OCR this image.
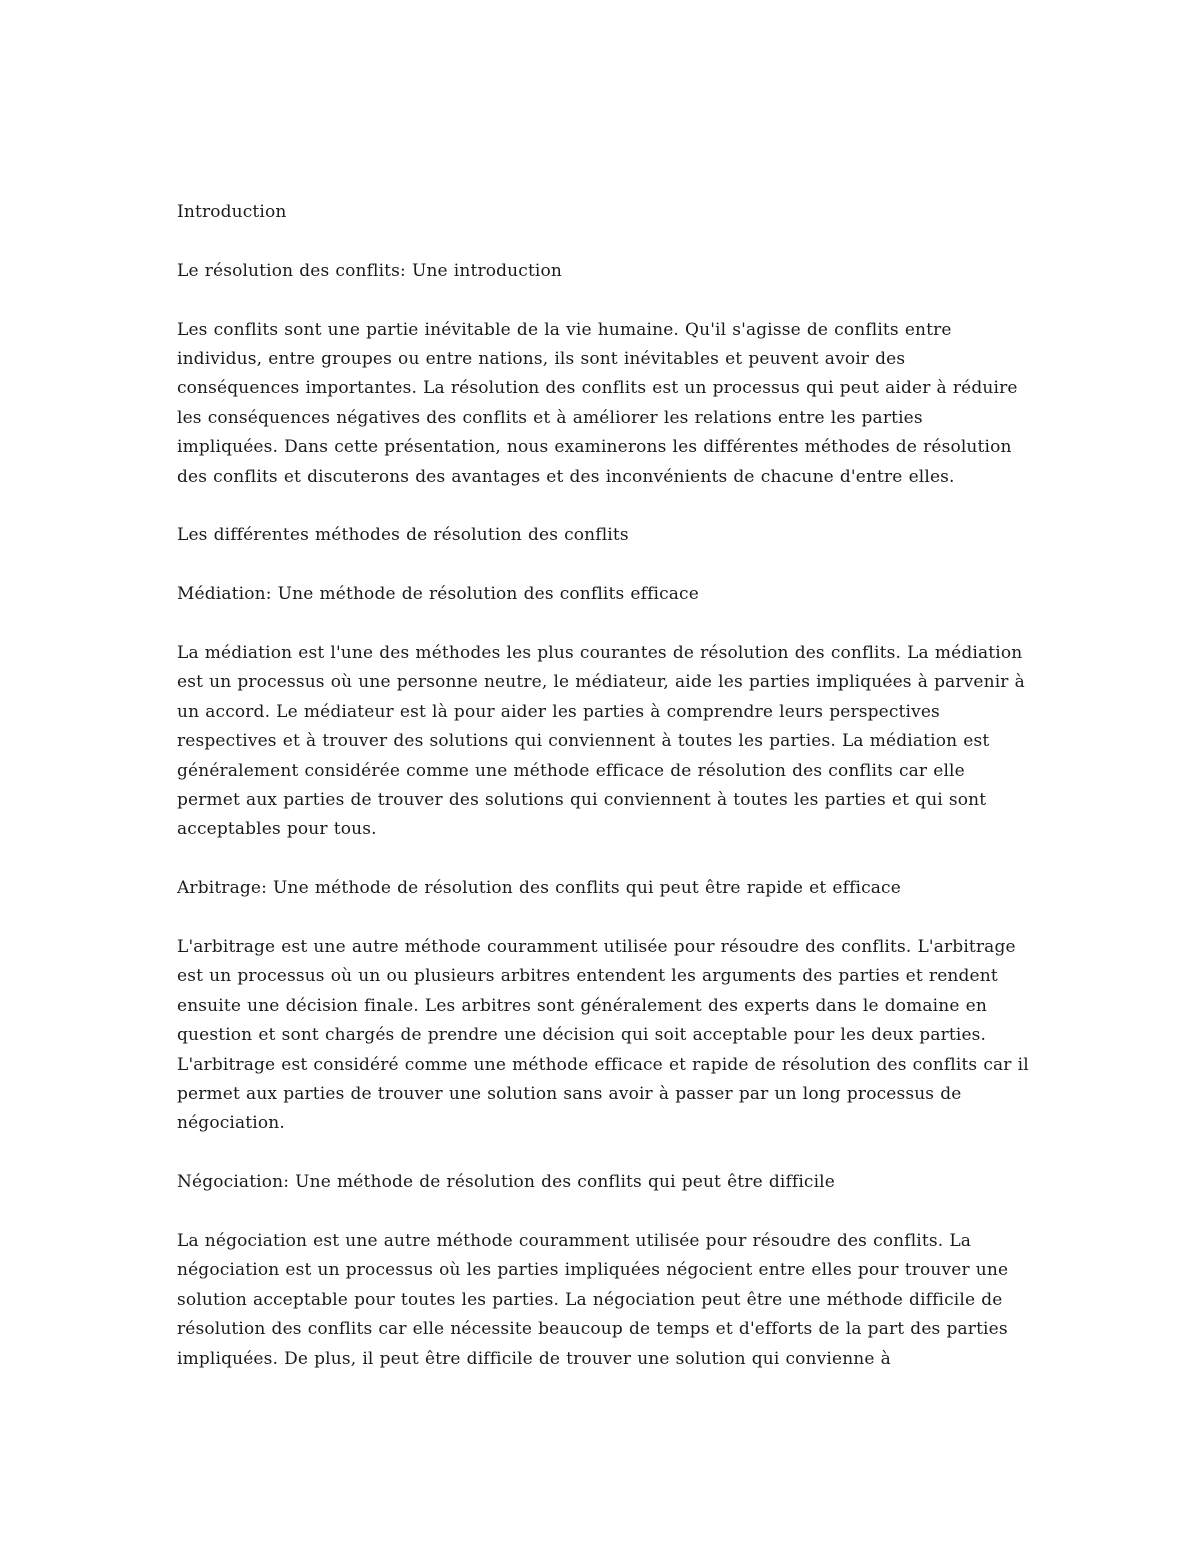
Introduction

Le résolution des conflits: Une introduction

Les conflits sont une partie inévitable de la vie humaine. Qu'il s'agisse de conflits entre individus, entre groupes ou entre nations, ils sont inévitables et peuvent avoir des conséquences importantes. La résolution des conflits est un processus qui peut aider à réduire les conséquences négatives des conflits et à améliorer les relations entre les parties impliquées. Dans cette présentation, nous examinerons les différentes méthodes de résolution des conflits et discuterons des avantages et des inconvénients de chacune d'entre elles.

Les différentes méthodes de résolution des conflits

Médiation: Une méthode de résolution des conflits efficace

La médiation est l'une des méthodes les plus courantes de résolution des conflits. La médiation est un processus où une personne neutre, le médiateur, aide les parties impliquées à parvenir à un accord. Le médiateur est là pour aider les parties à comprendre leurs perspectives respectives et à trouver des solutions qui conviennent à toutes les parties. La médiation est généralement considérée comme une méthode efficace de résolution des conflits car elle permet aux parties de trouver des solutions qui conviennent à toutes les parties et qui sont acceptables pour tous.

Arbitrage: Une méthode de résolution des conflits qui peut être rapide et efficace

L'arbitrage est une autre méthode couramment utilisée pour résoudre des conflits. L'arbitrage est un processus où un ou plusieurs arbitres entendent les arguments des parties et rendent ensuite une décision finale. Les arbitres sont généralement des experts dans le domaine en question et sont chargés de prendre une décision qui soit acceptable pour les deux parties. L'arbitrage est considéré comme une méthode efficace et rapide de résolution des conflits car il permet aux parties de trouver une solution sans avoir à passer par un long processus de négociation.

Négociation: Une méthode de résolution des conflits qui peut être difficile

La négociation est une autre méthode couramment utilisée pour résoudre des conflits. La négociation est un processus où les parties impliquées négocient entre elles pour trouver une solution acceptable pour toutes les parties. La négociation peut être une méthode difficile de résolution des conflits car elle nécessite beaucoup de temps et d'efforts de la part des parties impliquées. De plus, il peut être difficile de trouver une solution qui convienne à
